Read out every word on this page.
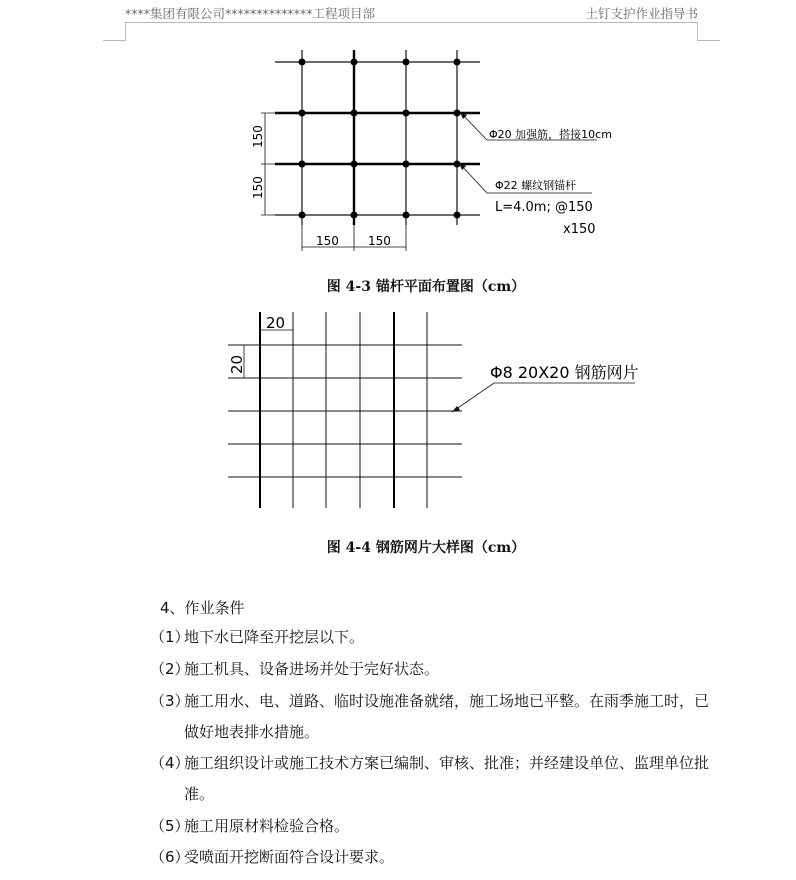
****集团有限公司**************工程项目部	土钉支护作业指导书
150
150
150 150
Φ20 加强筋，搭接10cm
Φ22 螺纹钢锚杆
L=4.0m; @150
x150
图 4-3 锚杆平面布置图（cm）
20
20	Φ8 20X20 钢筋网片
图 4-4 钢筋网片大样图（cm）
4、作业条件
（1）
地下水已降至开挖层以下。
（2）
施工机具、设备进场并处于完好状态。
（3）
施工用水、电、道路、临时设施准备就绪，施工场地已平整。在雨季施工时，已做好地表排水措施。
（4）
施工组织设计或施工技术方案已编制、审核、批准；并经建设单位、监理单位批准。
（5）
施工用原材料检验合格。
（6）
受喷面开挖断面符合设计要求。
